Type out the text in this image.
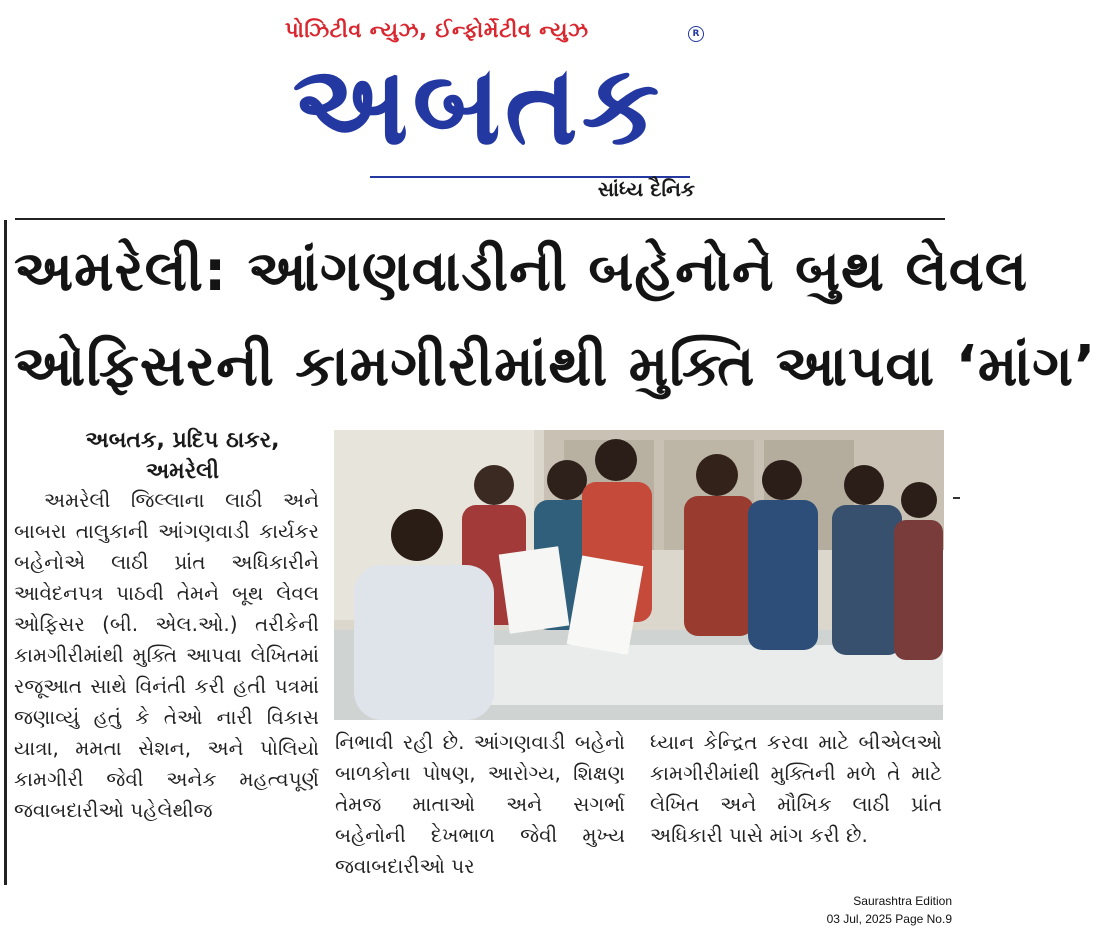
પોઝિટીવ ન્યુઝ, ઈન્ફોર્મેટીવ ન્યુઝ	R
અબતક
સાંધ્ય દૈનિક
અમરેલી: આંગણવાડીની બહેનોને બુથ લેવલ
ઓફિસરની કામગીરીમાંથી મુક્તિ આપવા ‘માંગ’
અબતક, પ્રદિપ ઠાકર,
અમરેલી
અમરેલી જિલ્લાના લાઠી અને બાબરા તાલુકાની આંગણવાડી કાર્યકર બહેનોએ લાઠી પ્રાંત અધિકારીને આવેદનપત્ર પાઠવી તેમને બૂથ લેવલ ઓફિસર (બી. એલ.ઓ.) તરીકેની કામગીરીમાંથી મુક્તિ આપવા લેખિતમાં રજૂઆત સાથે વિનંતી કરી હતી પત્રમાં જણાવ્યું હતું કે તેઓ નારી વિકાસ યાત્રા, મમતા સેશન, અને પોલિયો કામગીરી જેવી અનેક મહત્વપૂર્ણ જવાબદારીઓ પહેલેથીજ
નિભાવી રહી છે. આંગણવાડી બહેનો બાળકોના પોષણ, આરોગ્ય, શિક્ષણ તેમજ માતાઓ અને સગર્ભા બહેનોની દેખભાળ જેવી મુખ્ય જવાબદારીઓ પર
ધ્યાન કેન્દ્રિત કરવા માટે બીએલઓ કામગીરીમાંથી મુક્તિની મળે તે માટે લેખિત અને મૌખિક લાઠી પ્રાંત અધિકારી પાસે માંગ કરી છે.
Saurashtra Edition
03 Jul, 2025 Page No.9
